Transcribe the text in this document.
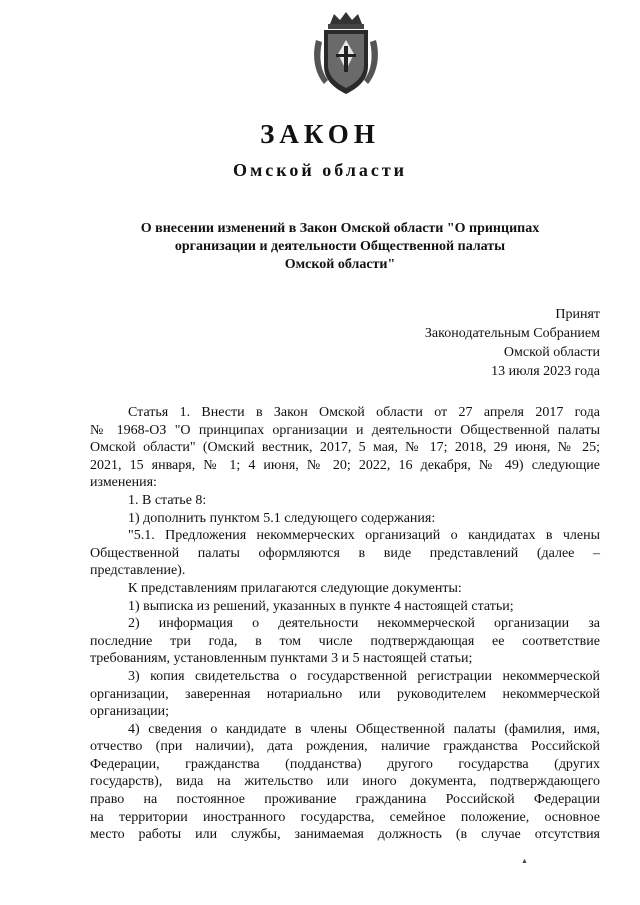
ЗАКОН
Омской области
О внесении изменений в Закон Омской области "О принципах
организации и деятельности Общественной палаты
Омской области"
Принят
Законодательным Собранием
Омской области
13 июля 2023 года
Статья 1. Внести в Закон Омской области от 27 апреля 2017 года
№ 1968-ОЗ "О принципах организации и деятельности Общественной палаты
Омской области" (Омский вестник, 2017, 5 мая, № 17; 2018, 29 июня, № 25;
2021, 15 января, № 1; 4 июня, № 20; 2022, 16 декабря, № 49) следующие
изменения:
1. В статье 8:
1) дополнить пунктом 5.1 следующего содержания:
"5.1. Предложения некоммерческих организаций о кандидатах в члены
Общественной палаты оформляются в виде представлений (далее –
представление).
К представлениям прилагаются следующие документы:
1) выписка из решений, указанных в пункте 4 настоящей статьи;
2) информация о деятельности некоммерческой организации за
последние три года, в том числе подтверждающая ее соответствие
требованиям, установленным пунктами 3 и 5 настоящей статьи;
3) копия свидетельства о государственной регистрации некоммерческой
организации, заверенная нотариально или руководителем некоммерческой
организации;
4) сведения о кандидате в члены Общественной палаты (фамилия, имя,
отчество (при наличии), дата рождения, наличие гражданства Российской
Федерации, гражданства (подданства) другого государства (других
государств), вида на жительство или иного документа, подтверждающего
право на постоянное проживание гражданина Российской Федерации
на территории иностранного государства, семейное положение, основное
место работы или службы, занимаемая должность (в случае отсутствия
▲
